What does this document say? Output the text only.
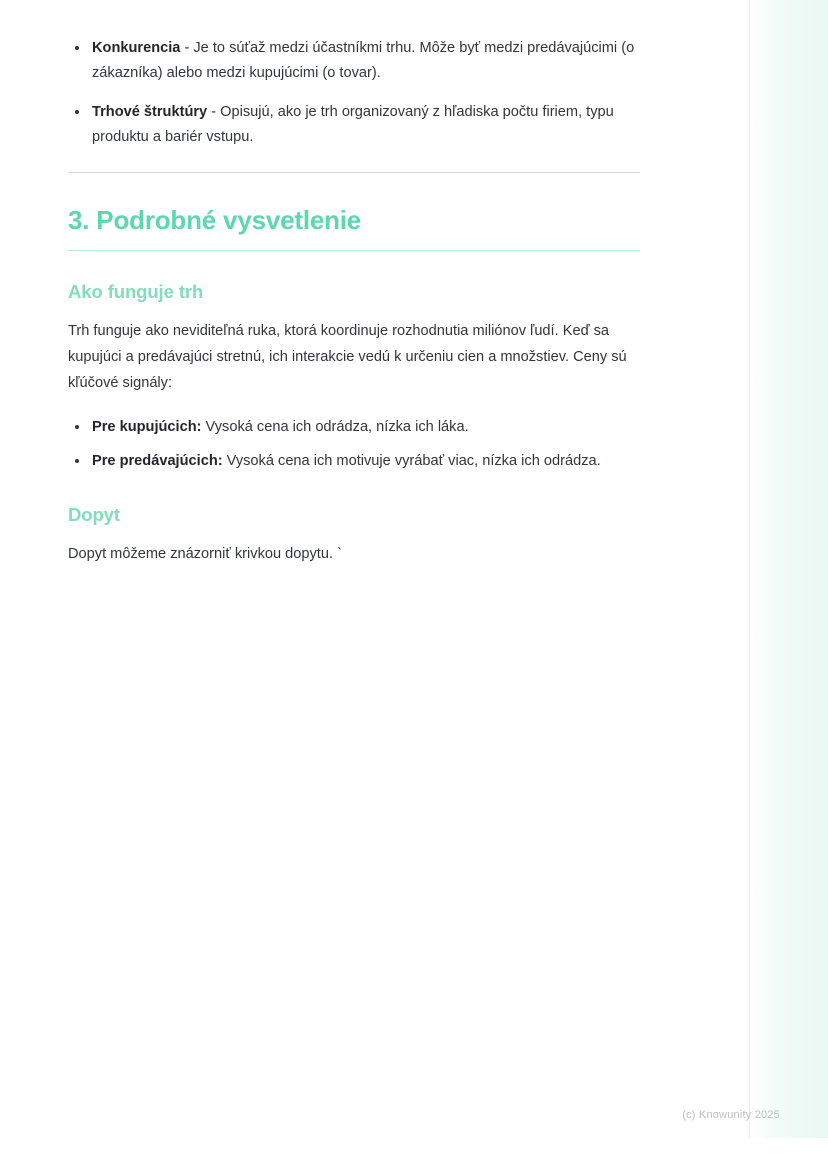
Konkurencia - Je to súťaž medzi účastníkmi trhu. Môže byť medzi predávajúcimi (o zákazníka) alebo medzi kupujúcimi (o tovar).
Trhové štruktúry - Opisujú, ako je trh organizovaný z hľadiska počtu firiem, typu produktu a bariér vstupu.
3. Podrobné vysvetlenie
Ako funguje trh

Trh funguje ako neviditeľná ruka, ktorá koordinuje rozhodnutia miliónov ľudí. Keď sa kupujúci a predávajúci stretnú, ich interakcie vedú k určeniu cien a množstiev. Ceny sú kľúčové signály:

Pre kupujúcich: Vysoká cena ich odrádza, nízka ich láka.
Pre predávajúcich: Vysoká cena ich motivuje vyrábať viac, nízka ich odrádza.
Dopyt

Dopyt môžeme znázorniť krivkou dopytu. `

(c) Knowunity 2025
